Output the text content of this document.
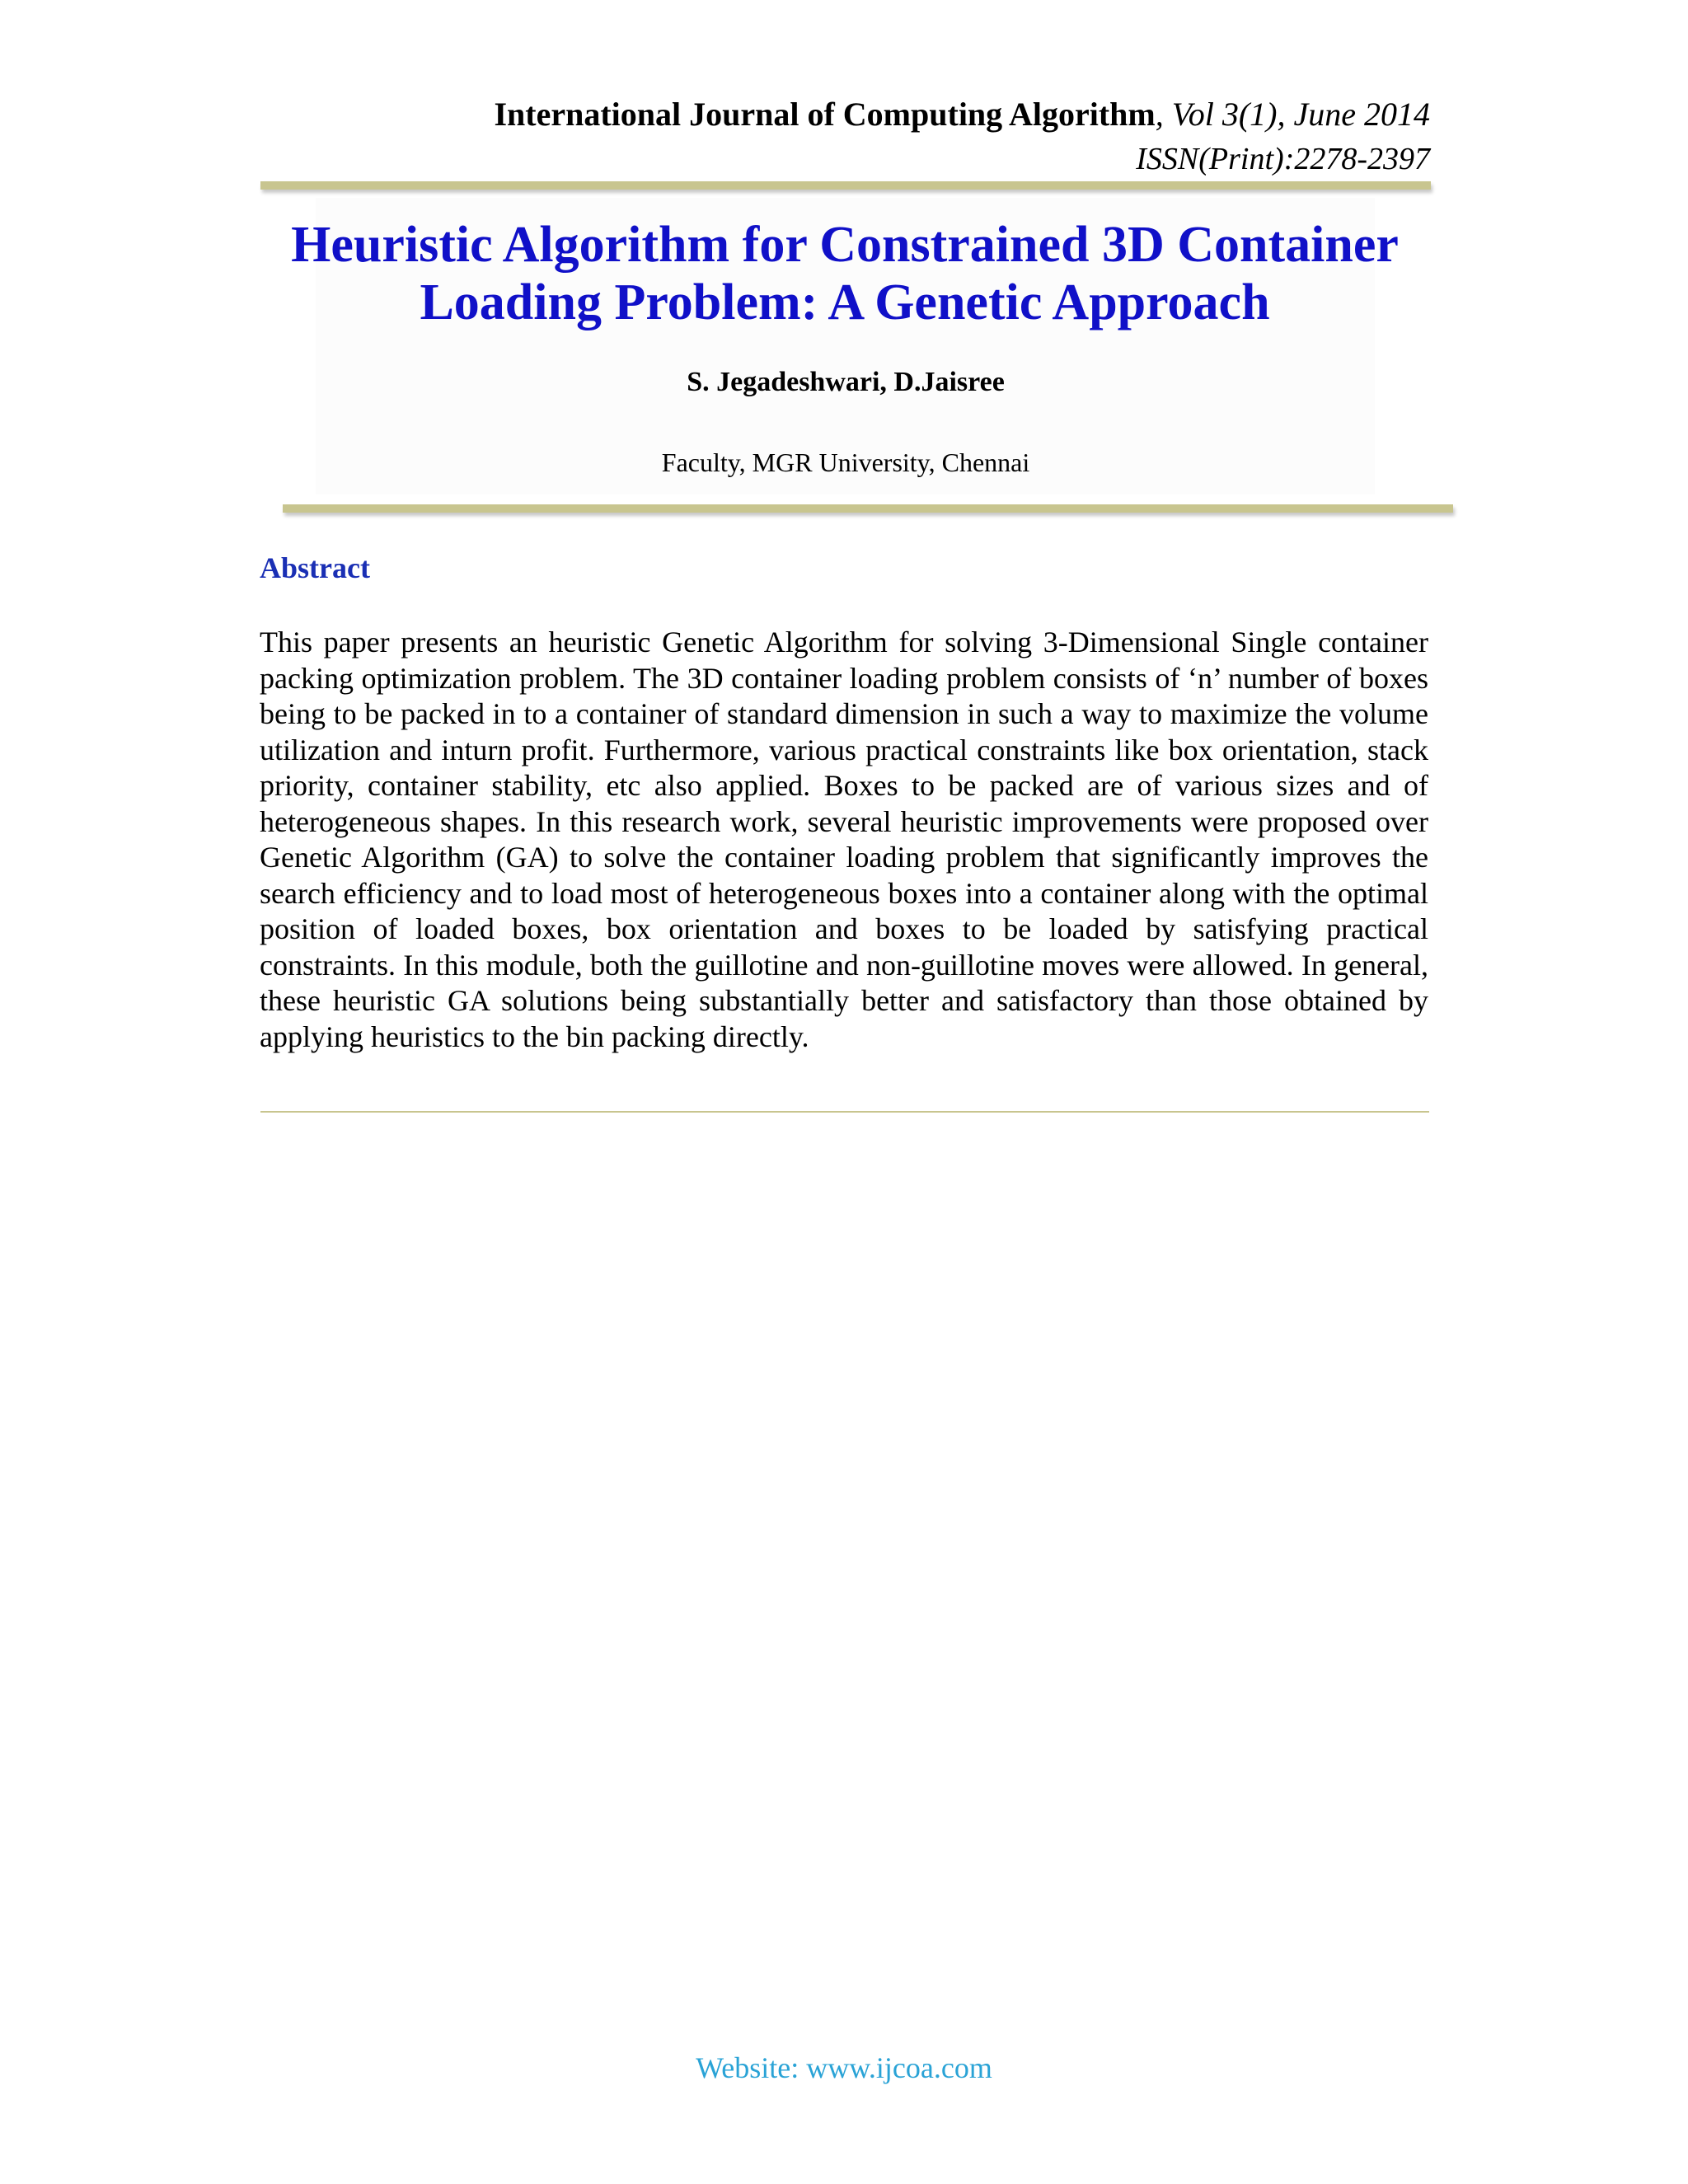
International Journal of Computing Algorithm, Vol 3(1), June 2014
ISSN(Print):2278-2397
Heuristic Algorithm for Constrained 3D Container Loading Problem: A Genetic Approach
S. Jegadeshwari, D.Jaisree
Faculty, MGR University, Chennai
Abstract
This paper presents an heuristic Genetic Algorithm for solving 3-Dimensional Single container packing optimization problem. The 3D container loading problem consists of ‘n’ number of boxes being to be packed in to a container of standard dimension in such a way to maximize the volume utilization and inturn profit. Furthermore, various practical constraints like box orientation, stack priority, container stability, etc also applied. Boxes to be packed are of various sizes and of heterogeneous shapes. In this research work, several heuristic improvements were proposed over Genetic Algorithm (GA) to solve the container loading problem that significantly improves the search efficiency and to load most of heterogeneous boxes into a container along with the optimal position of loaded boxes, box orientation and boxes to be loaded by satisfying practical constraints. In this module, both the guillotine and non-guillotine moves were allowed. In general, these heuristic GA solutions being substantially better and satisfactory than those obtained by applying heuristics to the bin packing directly.
Website: www.ijcoa.com
